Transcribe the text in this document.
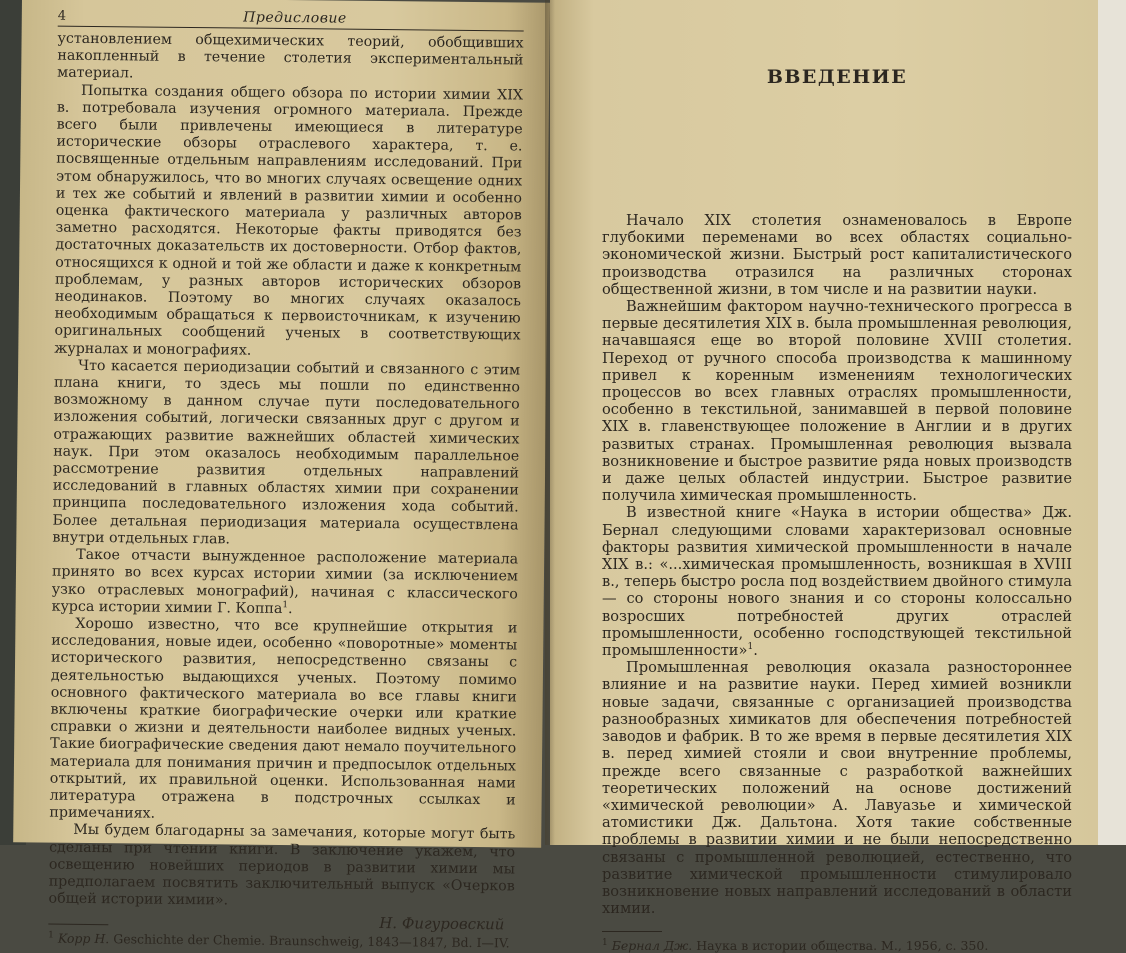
4	Предисловие

установлением общехимических теорий, обобщивших накопленный в течение столетия экспериментальный материал.

Попытка создания общего обзора по истории химии XIX в. потребовала изучения огромного материала. Прежде всего были привлечены имеющиеся в литературе исторические обзоры отраслевого характера, т. е. посвященные отдельным направлениям исследований. При этом обнаружилось, что во многих случаях освещение одних и тех же событий и явлений в развитии химии и особенно оценка фактического материала у различных авторов заметно расходятся. Некоторые факты приводятся без достаточных доказательств их достоверности. Отбор фактов, относящихся к одной и той же области и даже к конкретным проблемам, у разных авторов исторических обзоров неодинаков. Поэтому во многих случаях оказалось необходимым обращаться к первоисточникам, к изучению оригинальных сообщений ученых в соответствующих журналах и монографиях.

Что касается периодизации событий и связанного с этим плана книги, то здесь мы пошли по единственно возможному в данном случае пути последовательного изложения событий, логически связанных друг с другом и отражающих развитие важнейших областей химических наук. При этом оказалось необходимым параллельное рассмотрение развития отдельных направлений исследований в главных областях химии при сохранении принципа последовательного изложения хода событий. Более детальная периодизация материала осуществлена внутри отдельных глав.

Такое отчасти вынужденное расположение материала принято во всех курсах истории химии (за исключением узко отраслевых монографий), начиная с классического курса истории химии Г. Коппа$^1$.

Хорошо известно, что все крупнейшие открытия и исследования, новые идеи, особенно «поворотные» моменты исторического развития, непосредственно связаны с деятельностью выдающихся ученых. Поэтому помимо основного фактического материала во все главы книги включены краткие биографические очерки или краткие справки о жизни и деятельности наиболее видных ученых. Такие биографические сведения дают немало поучительного материала для понимания причин и предпосылок отдельных открытий, их правильной оценки. Использованная нами литература отражена в подстрочных ссылках и примечаниях.

Мы будем благодарны за замечания, которые могут быть сделаны при чтении книги. В заключение укажем, что освещению новейших периодов в развитии химии мы предполагаем посвятить заключительный выпуск «Очерков общей истории химии».

Н. Фигуровский
$^1$ Kopp H. Geschichte der Chemie. Braunschweig, 1843—1847, Bd. I—IV.
ВВЕДЕНИЕ

Начало XIX столетия ознаменовалось в Европе глубокими переменами во всех областях социально-экономической жизни. Быстрый рост капиталистического производства отразился на различных сторонах общественной жизни, в том числе и на развитии науки.

Важнейшим фактором научно-технического прогресса в первые десятилетия XIX в. была промышленная революция, начавшаяся еще во второй половине XVIII столетия. Переход от ручного способа производства к машинному привел к коренным изменениям технологических процессов во всех главных отраслях промышленности, особенно в текстильной, занимавшей в первой половине XIX в. главенствующее положение в Англии и в других развитых странах. Промышленная революция вызвала возникновение и быстрое развитие ряда новых производств и даже целых областей индустрии. Быстрое развитие получила химическая промышленность.

В известной книге «Наука в истории общества» Дж. Бернал следующими словами характеризовал основные факторы развития химической промышленности в начале XIX в.: «...химическая промышленность, возникшая в XVIII в., теперь быстро росла под воздействием двойного стимула — со стороны нового знания и со стороны колоссально возросших потребностей других отраслей промышленности, особенно господствующей текстильной промышленности»$^1$.

Промышленная революция оказала разностороннее влияние и на развитие науки. Перед химией возникли новые задачи, связанные с организацией производства разнообразных химикатов для обеспечения потребностей заводов и фабрик. В то же время в первые десятилетия XIX в. перед химией стояли и свои внутренние проблемы, прежде всего связанные с разработкой важнейших теоретических положений на основе достижений «химической революции» А. Лавуазье и химической атомистики Дж. Дальтона. Хотя такие собственные проблемы в развитии химии и не были непосредственно связаны с промышленной революцией, естественно, что развитие химической промышленности стимулировало возникновение новых направлений исследований в области химии.

$^1$ Бернал Дж. Наука в истории общества. М., 1956, с. 350.
